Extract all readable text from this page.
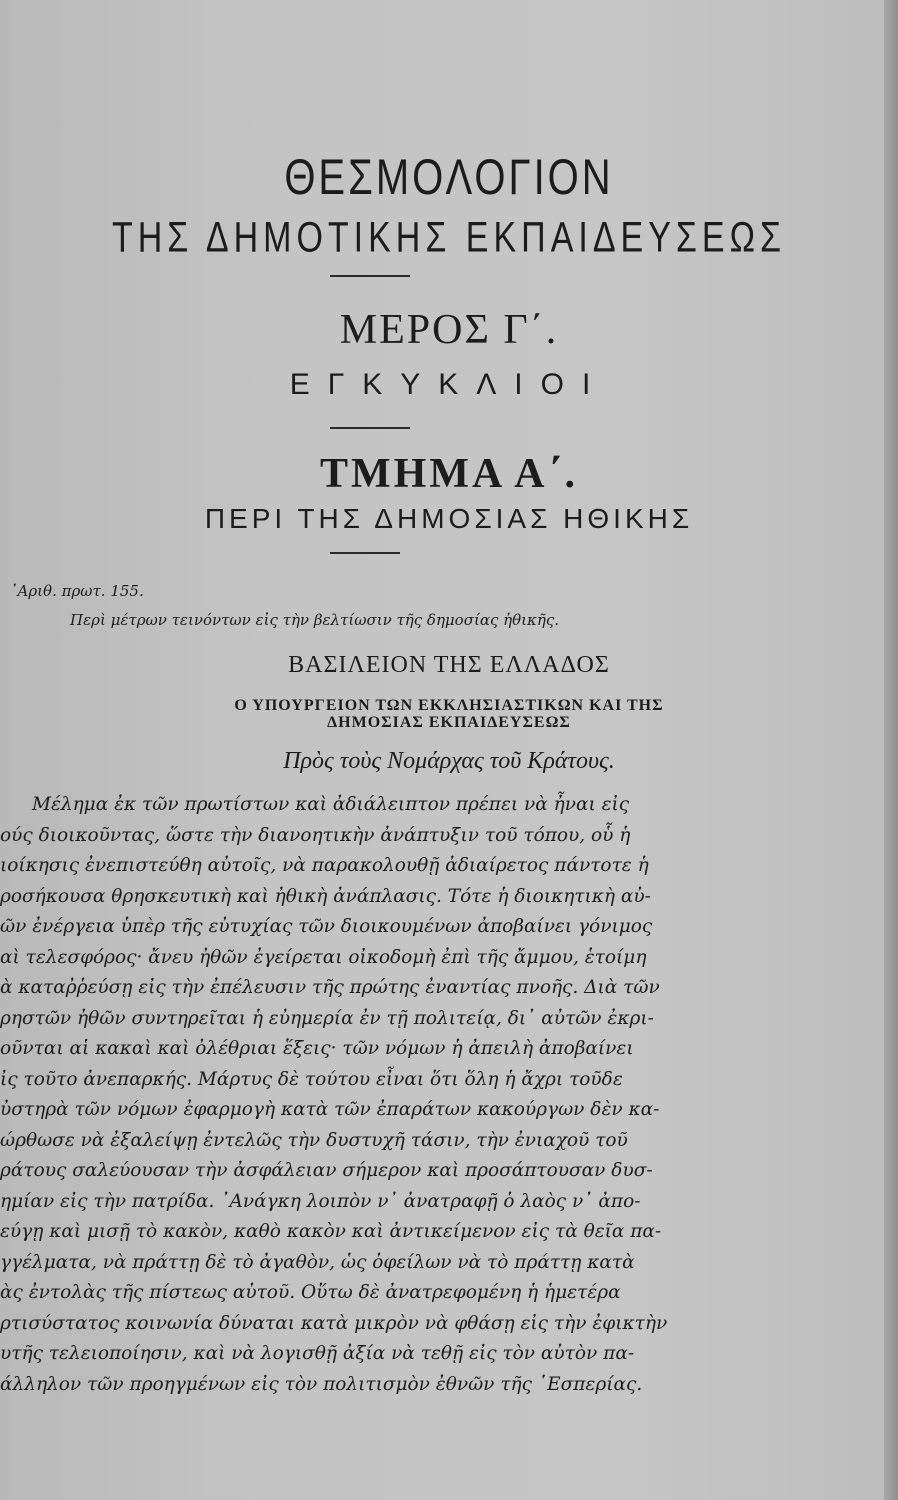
ΘΕΣΜΟΛΟΓΙΟΝ
ΤΗΣ ΔΗΜΟΤΙΚΗΣ ΕΚΠΑΙΔΕΥΣΕΩΣ
ΜΕΡΟΣ Γ΄.
ΕΓΚΥΚΛΙΟΙ
ΤΜΗΜΑ Α΄.
ΠΕΡΙ ΤΗΣ ΔΗΜΟΣΙΑΣ ΗΘΙΚΗΣ
᾿Αριθ. πρωτ. 155.
Περὶ μέτρων τεινόντων εἰς τὴν βελτίωσιν τῆς δημοσίας ἠθικῆς.
ΒΑΣΙΛΕΙΟΝ ΤΗΣ ΕΛΛΑΔΟΣ
Ο ΥΠΟΥΡΓΕΙΟΝ ΤΩΝ ΕΚΚΛΗΣΙΑΣΤΙΚΩΝ ΚΑΙ ΤΗΣ
ΔΗΜΟΣΙΑΣ ΕΚΠΑΙΔΕΥΣΕΩΣ
Πρὸς τοὺς Νομάρχας τοῦ Κράτους.
Μέλημα ἐκ τῶν πρωτίστων καὶ ἀδιάλειπτον πρέπει νὰ ἦναι εἰς
ούς διοικοῦντας, ὥστε τὴν διανοητικὴν ἀνάπτυξιν τοῦ τόπου, οὗ ἡ
ιοίκησις ἐνεπιστεύθη αὐτοῖς, νὰ παρακολουθῇ ἀδιαίρετος πάντοτε ἡ
ροσήκουσα θρησκευτικὴ καὶ ἠθικὴ ἀνάπλασις. Τότε ἡ διοικητικὴ αὐ-
ῶν ἐνέργεια ὑπὲρ τῆς εὐτυχίας τῶν διοικουμένων ἀποβαίνει γόνιμος
αὶ τελεσφόρος· ἄνευ ἠθῶν ἐγείρεται οἰκοδομὴ ἐπὶ τῆς ἄμμου, ἑτοίμη
ὰ καταῤῥεύσῃ εἰς τὴν ἐπέλευσιν τῆς πρώτης ἐναντίας πνοῆς. Διὰ τῶν
ρηστῶν ἠθῶν συντηρεῖται ἡ εὐημερία ἐν τῇ πολιτείᾳ, δι᾿ αὐτῶν ἐκρι-
οῦνται αἱ κακαὶ καὶ ὀλέθριαι ἕξεις· τῶν νόμων ἡ ἀπειλὴ ἀποβαίνει
ἰς τοῦτο ἀνεπαρκής. Μάρτυς δὲ τούτου εἶναι ὅτι ὅλη ἡ ἄχρι τοῦδε
ὐστηρὰ τῶν νόμων ἐφαρμογὴ κατὰ τῶν ἐπαράτων κακούργων δὲν κα-
ώρθωσε νὰ ἐξαλείψῃ ἐντελῶς τὴν δυστυχῆ τάσιν, τὴν ἐνιαχοῦ τοῦ
ράτους σαλεύουσαν τὴν ἀσφάλειαν σήμερον καὶ προσάπτουσαν δυσ-
ημίαν εἰς τὴν πατρίδα. ᾿Ανάγκη λοιπὸν ν᾿ ἀνατραφῇ ὁ λαὸς ν᾿ ἀπο-
εύγῃ καὶ μισῇ τὸ κακὸν, καθὸ κακὸν καὶ ἀντικείμενον εἰς τὰ θεῖα πα-
γγέλματα, νὰ πράττῃ δὲ τὸ ἀγαθὸν, ὡς ὀφείλων νὰ τὸ πράττῃ κατὰ
ὰς ἐντολὰς τῆς πίστεως αὐτοῦ. Οὕτω δὲ ἀνατρεφομένη ἡ ἡμετέρα
ρτισύστατος κοινωνία δύναται κατὰ μικρὸν νὰ φθάσῃ εἰς τὴν ἐφικτὴν
υτῆς τελειοποίησιν, καὶ νὰ λογισθῇ ἀξία νὰ τεθῇ εἰς τὸν αὐτὸν πα-
άλληλον τῶν προηγμένων εἰς τὸν πολιτισμὸν ἐθνῶν τῆς ῾Εσπερίας.
